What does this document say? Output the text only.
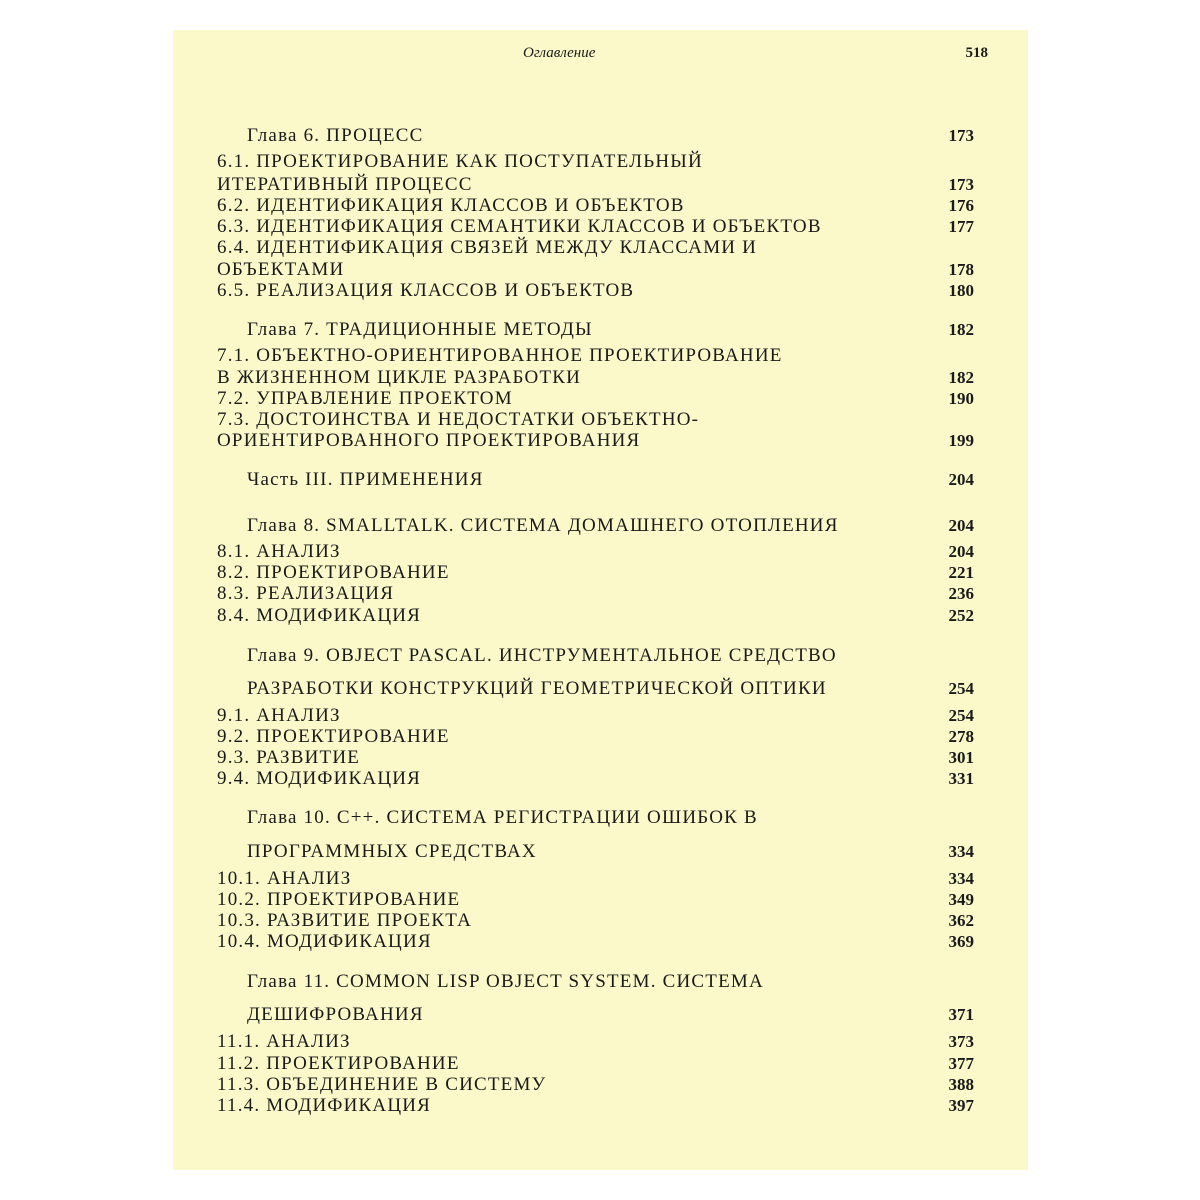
Оглавление	518
Глава 6. ПРОЦЕСС	173
6.1. ПРОЕКТИРОВАНИЕ КАК ПОСТУПАТЕЛЬНЫЙ
ИТЕРАТИВНЫЙ ПРОЦЕСС	173
6.2. ИДЕНТИФИКАЦИЯ КЛАССОВ И ОБЪЕКТОВ	176
6.3. ИДЕНТИФИКАЦИЯ СЕМАНТИКИ КЛАССОВ И ОБЪЕКТОВ	177
6.4. ИДЕНТИФИКАЦИЯ СВЯЗЕЙ МЕЖДУ КЛАССАМИ И
ОБЪЕКТАМИ	178
6.5. РЕАЛИЗАЦИЯ КЛАССОВ И ОБЪЕКТОВ	180
Глава 7. ТРАДИЦИОННЫЕ МЕТОДЫ	182
7.1. ОБЪЕКТНО-ОРИЕНТИРОВАННОЕ ПРОЕКТИРОВАНИЕ
В ЖИЗНЕННОМ ЦИКЛЕ РАЗРАБОТКИ	182
7.2. УПРАВЛЕНИЕ ПРОЕКТОМ	190
7.3. ДОСТОИНСТВА И НЕДОСТАТКИ ОБЪЕКТНО-
ОРИЕНТИРОВАННОГО ПРОЕКТИРОВАНИЯ	199
Часть III. ПРИМЕНЕНИЯ	204
Глава 8. SMALLTALK. СИСТЕМА ДОМАШНЕГО ОТОПЛЕНИЯ	204
8.1. АНАЛИЗ	204
8.2. ПРОЕКТИРОВАНИЕ	221
8.3. РЕАЛИЗАЦИЯ	236
8.4. МОДИФИКАЦИЯ	252
Глава 9. OBJECT PASCAL. ИНСТРУМЕНТАЛЬНОЕ СРЕДСТВО
РАЗРАБОТКИ КОНСТРУКЦИЙ ГЕОМЕТРИЧЕСКОЙ ОПТИКИ	254
9.1. АНАЛИЗ	254
9.2. ПРОЕКТИРОВАНИЕ	278
9.3. РАЗВИТИЕ	301
9.4. МОДИФИКАЦИЯ	331
Глава 10. C++. СИСТЕМА РЕГИСТРАЦИИ ОШИБОК В
ПРОГРАММНЫХ СРЕДСТВАХ	334
10.1. АНАЛИЗ	334
10.2. ПРОЕКТИРОВАНИЕ	349
10.3. РАЗВИТИЕ ПРОЕКТА	362
10.4. МОДИФИКАЦИЯ	369
Глава 11. COMMON LISP OBJECT SYSTEM. СИСТЕМА
ДЕШИФРОВАНИЯ	371
11.1. АНАЛИЗ	373
11.2. ПРОЕКТИРОВАНИЕ	377
11.3. ОБЪЕДИНЕНИЕ В СИСТЕМУ	388
11.4. МОДИФИКАЦИЯ	397
